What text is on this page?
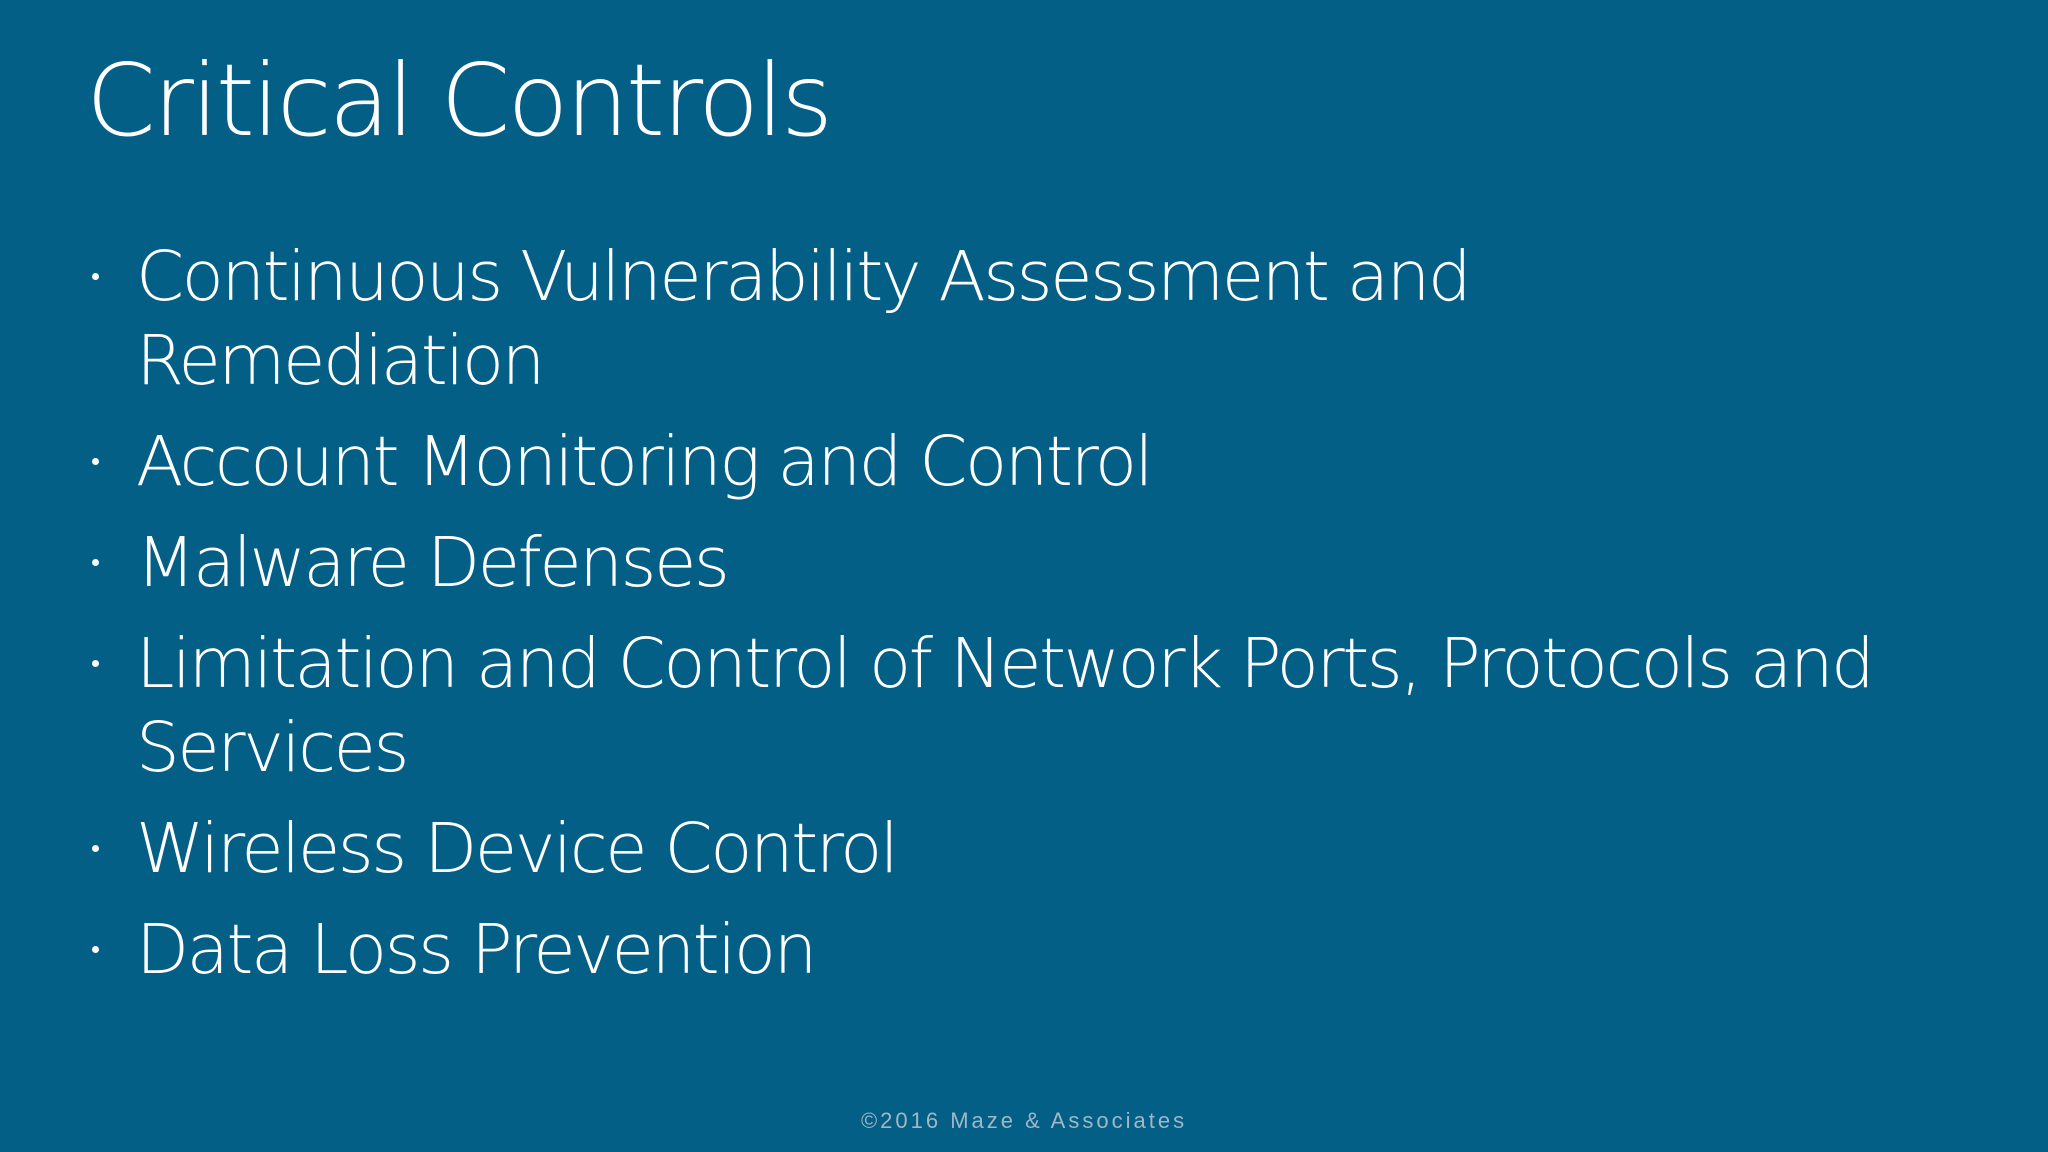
Critical Controls
Continuous Vulnerability Assessment and Remediation
Account Monitoring and Control
Malware Defenses
Limitation and Control of Network Ports, Protocols and Services
Wireless Device Control
Data Loss Prevention
©2016 Maze & Associates
